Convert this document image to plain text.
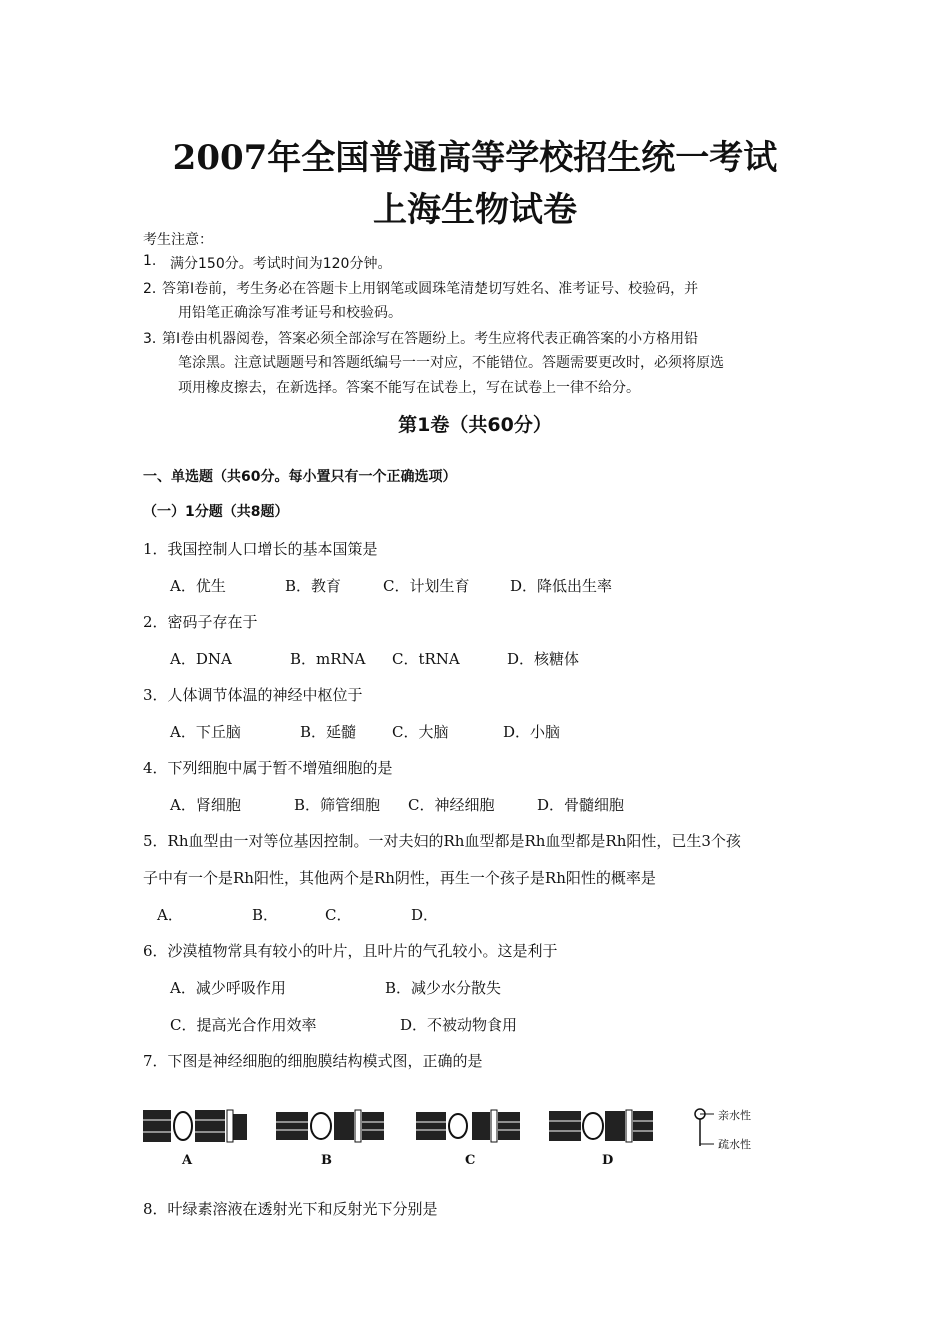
2007年全国普通高等学校招生统一考试
上海生物试卷
考生注意：
1. 满分150分。考试时间为120分钟。
2．
答第Ⅰ卷前，考生务必在答题卡上用钢笔或圆珠笔清楚切写姓名、准考证号、校验码，并
用铅笔正确涂写准考证号和校验码。
3．
第Ⅰ卷由机器阅卷，答案必须全部涂写在答题纷上。考生应将代表正确答案的小方格用铅
笔涂黑。注意试题题号和答题纸编号一一对应，不能错位。答题需要更改时，必须将原选
项用橡皮擦去，在新选择。答案不能写在试卷上，写在试卷上一律不给分。
第1卷（共60分）
一、单选题（共60分。每小置只有一个正确选项）
（一）1分题（共8题）
1．我国控制人口增长的基本国策是
A．优生	B．教育	C．计划生育	D．降低出生率
2．密码子存在于
A．DNA	B．mRNA C．tRNA	D．核糖体
3．人体调节体温的神经中枢位于
A．下丘脑	B．延髓 C．大脑	D．小脑
4．下列细胞中属于暂不增殖细胞的是
A．肾细胞	B．筛管细胞 C．神经细胞	D．骨髓细胞
5．Rh血型由一对等位基因控制。一对夫妇的Rh血型都是Rh血型都是Rh阳性，已生3个孩
子中有一个是Rh阳性，其他两个是Rh阴性，再生一个孩子是Rh阳性的概率是
A．	B．	C．	D．
6．沙漠植物常具有较小的叶片，且叶片的气孔较小。这是利于
A．减少呼吸作用	B．减少水分散失
C．提高光合作用效率	D．不被动物食用
7．下图是神经细胞的细胞膜结构模式图，正确的是
亲水性
疏水性
A	B	C	D
8．叶绿素溶液在透射光下和反射光下分别是
